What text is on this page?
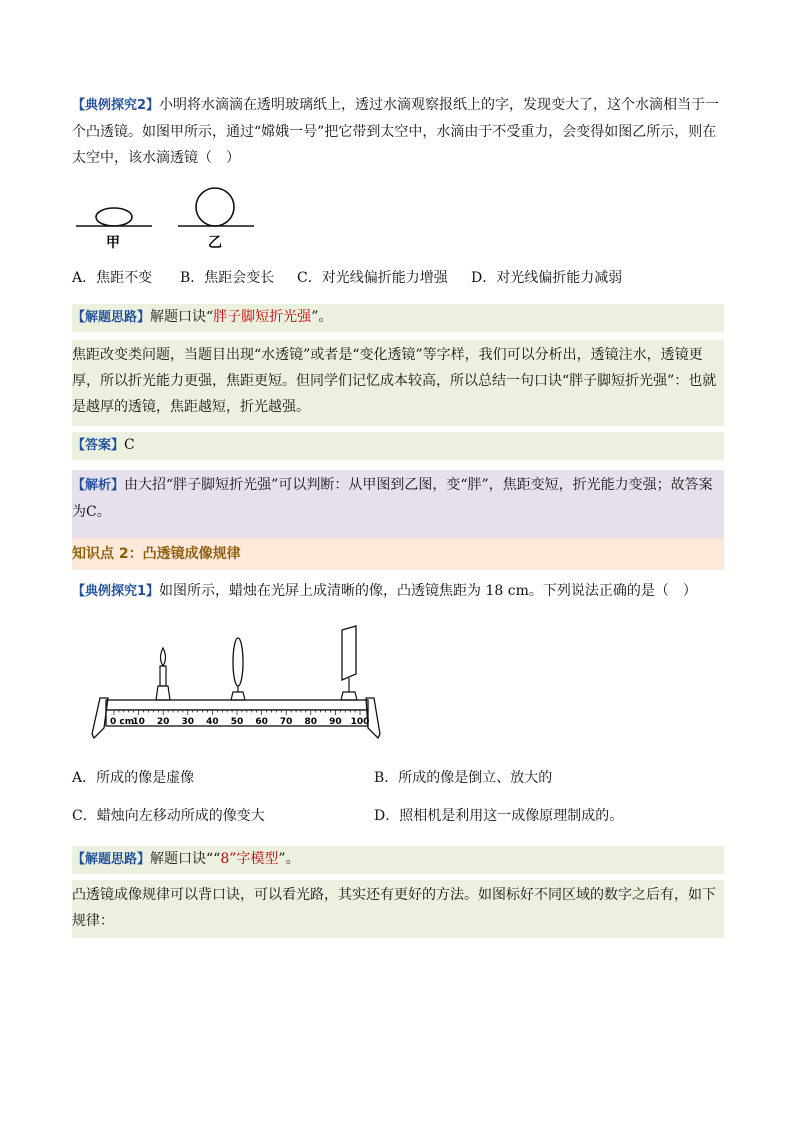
【典例探究2】小明将水滴滴在透明玻璃纸上，透过水滴观察报纸上的字，发现变大了，这个水滴相当于一个凸透镜。如图甲所示，通过“嫦娥一号”把它带到太空中，水滴由于不受重力，会变得如图乙所示，则在太空中，该水滴透镜（　）
甲	乙
A．焦距不变 B．焦距会变长 C．对光线偏折能力增强 D．对光线偏折能力减弱
【解题思路】解题口诀“胖子脚短折光强”。
焦距改变类问题，当题目出现“水透镜”或者是“变化透镜”等字样，我们可以分析出，透镜注水，透镜更厚，所以折光能力更强，焦距更短。但同学们记忆成本较高，所以总结一句口诀“胖子脚短折光强”：也就是越厚的透镜，焦距越短，折光越强。
【答案】C
【解析】由大招“胖子脚短折光强”可以判断：从甲图到乙图，变“胖”，焦距变短，折光能力变强；故答案为C。
知识点 2：凸透镜成像规律
【典例探究1】如图所示，蜡烛在光屏上成清晰的像，凸透镜焦距为 18 cm。下列说法正确的是（　）
0 cm
10 20 30 40 50 60 70 80 90 100
A．所成的像是虚像	B．所成的像是倒立、放大的
C．蜡烛向左移动所成的像变大	D．照相机是利用这一成像原理制成的。
【解题思路】解题口诀““8”字模型”。
凸透镜成像规律可以背口诀，可以看光路，其实还有更好的方法。如图标好不同区域的数字之后有，如下规律：
